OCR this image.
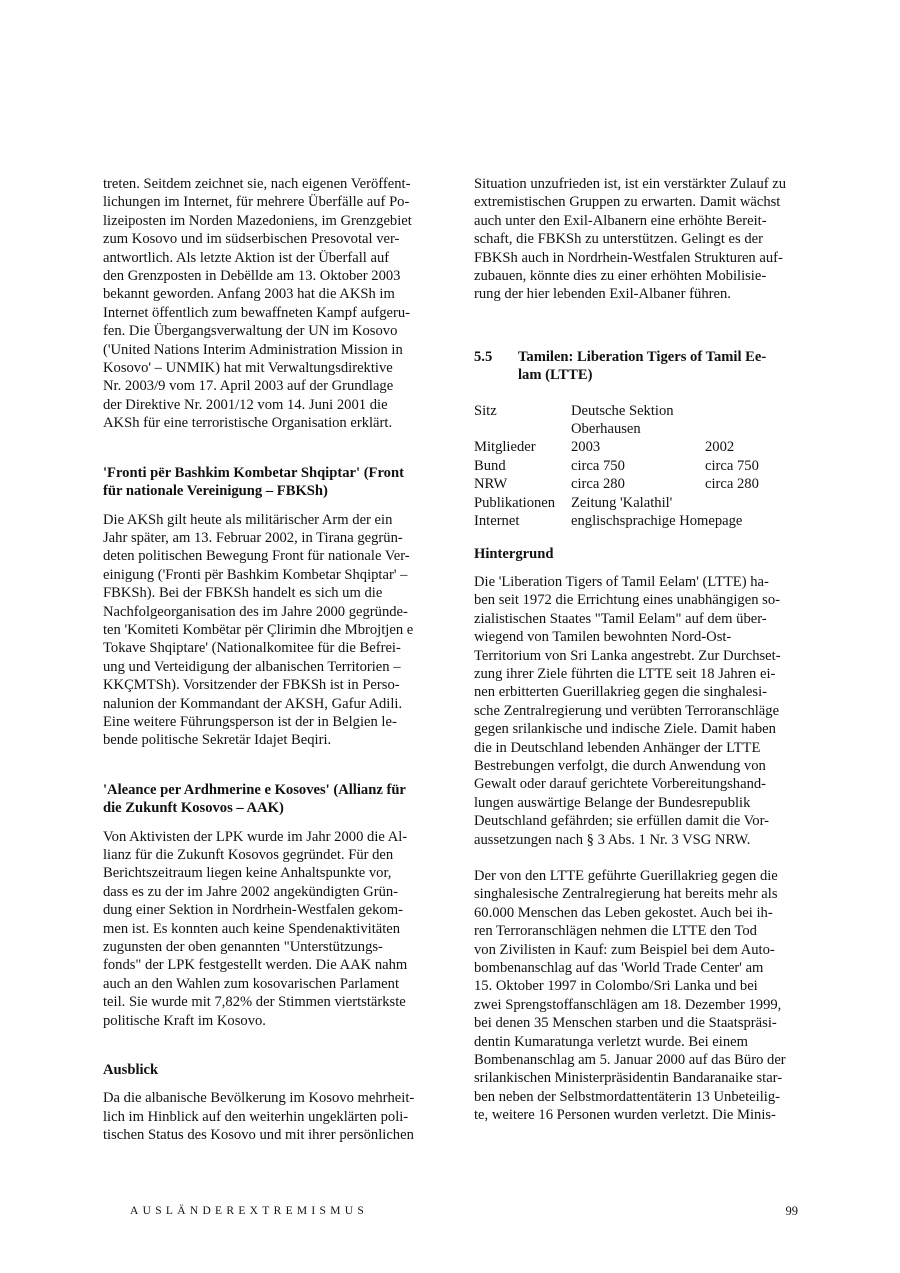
treten. Seitdem zeichnet sie, nach eigenen Veröffent-
lichungen im Internet, für mehrere Überfälle auf Po-
lizeiposten im Norden Mazedoniens, im Grenzgebiet
zum Kosovo und im südserbischen Presovotal ver-
antwortlich. Als letzte Aktion ist der Überfall auf
den Grenzposten in Debëllde am 13. Oktober 2003
bekannt geworden. Anfang 2003 hat die AKSh im
Internet öffentlich zum bewaffneten Kampf aufgeru-
fen. Die Übergangsverwaltung der UN im Kosovo
('United Nations Interim Administration Mission in
Kosovo' – UNMIK) hat mit Verwaltungsdirektive
Nr. 2003/9 vom 17. April 2003 auf der Grundlage
der Direktive Nr. 2001/12 vom 14. Juni 2001 die
AKSh für eine terroristische Organisation erklärt.

'Fronti për Bashkim Kombetar Shqiptar' (Front
für nationale Vereinigung – FBKSh)

Die AKSh gilt heute als militärischer Arm der ein
Jahr später, am 13. Februar 2002, in Tirana gegrün-
deten politischen Bewegung Front für nationale Ver-
einigung ('Fronti për Bashkim Kombetar Shqiptar' –
FBKSh). Bei der FBKSh handelt es sich um die
Nachfolgeorganisation des im Jahre 2000 gegründe-
ten 'Komiteti Kombëtar për Çlirimin dhe Mbrojtjen e
Tokave Shqiptare' (Nationalkomitee für die Befrei-
ung und Verteidigung der albanischen Territorien –
KKÇMTSh). Vorsitzender der FBKSh ist in Perso-
nalunion der Kommandant der AKSH, Gafur Adili.
Eine weitere Führungsperson ist der in Belgien le-
bende politische Sekretär Idajet Beqiri.

'Aleance per Ardhmerine e Kosoves' (Allianz für
die Zukunft Kosovos – AAK)

Von Aktivisten der LPK wurde im Jahr 2000 die Al-
lianz für die Zukunft Kosovos gegründet. Für den
Berichtszeitraum liegen keine Anhaltspunkte vor,
dass es zu der im Jahre 2002 angekündigten Grün-
dung einer Sektion in Nordrhein-Westfalen gekom-
men ist. Es konnten auch keine Spendenaktivitäten
zugunsten der oben genannten "Unterstützungs-
fonds" der LPK festgestellt werden. Die AAK nahm
auch an den Wahlen zum kosovarischen Parlament
teil. Sie wurde mit 7,82% der Stimmen viertstärkste
politische Kraft im Kosovo.

Ausblick

Da die albanische Bevölkerung im Kosovo mehrheit-
lich im Hinblick auf den weiterhin ungeklärten poli-
tischen Status des Kosovo und mit ihrer persönlichen

Situation unzufrieden ist, ist ein verstärkter Zulauf zu
extremistischen Gruppen zu erwarten. Damit wächst
auch unter den Exil-Albanern eine erhöhte Bereit-
schaft, die FBKSh zu unterstützen. Gelingt es der
FBKSh auch in Nordrhein-Westfalen Strukturen auf-
zubauen, könnte dies zu einer erhöhten Mobilisie-
rung der hier lebenden Exil-Albaner führen.

5.5	Tamilen: Liberation Tigers of Tamil Ee-
lam (LTTE)
Sitz	Deutsche Sektion	
	Oberhausen	
Mitglieder	2003	2002
Bund	circa 750	circa 750
NRW	circa 280	circa 280
Publikationen	Zeitung 'Kalathil'	
Internet	englischsprachige Homepage	
Hintergrund

Die 'Liberation Tigers of Tamil Eelam' (LTTE) ha-
ben seit 1972 die Errichtung eines unabhängigen so-
zialistischen Staates "Tamil Eelam" auf dem über-
wiegend von Tamilen bewohnten Nord-Ost-
Territorium von Sri Lanka angestrebt. Zur Durchset-
zung ihrer Ziele führten die LTTE seit 18 Jahren ei-
nen erbitterten Guerillakrieg gegen die singhalesi-
sche Zentralregierung und verübten Terroranschläge
gegen srilankische und indische Ziele. Damit haben
die in Deutschland lebenden Anhänger der LTTE
Bestrebungen verfolgt, die durch Anwendung von
Gewalt oder darauf gerichtete Vorbereitungshand-
lungen auswärtige Belange der Bundesrepublik
Deutschland gefährden; sie erfüllen damit die Vor-
aussetzungen nach § 3 Abs. 1 Nr. 3 VSG NRW.

Der von den LTTE geführte Guerillakrieg gegen die
singhalesische Zentralregierung hat bereits mehr als
60.000 Menschen das Leben gekostet. Auch bei ih-
ren Terroranschlägen nehmen die LTTE den Tod
von Zivilisten in Kauf: zum Beispiel bei dem Auto-
bombenanschlag auf das 'World Trade Center' am
15. Oktober 1997 in Colombo/Sri Lanka und bei
zwei Sprengstoffanschlägen am 18. Dezember 1999,
bei denen 35 Menschen starben und die Staatspräsi-
dentin Kumaratunga verletzt wurde. Bei einem
Bombenanschlag am 5. Januar 2000 auf das Büro der
srilankischen Ministerpräsidentin Bandaranaike star-
ben neben der Selbstmordattentäterin 13 Unbeteilig-
te, weitere 16 Personen wurden verletzt. Die Minis-

AUSLÄNDEREXTREMISMUS	99
